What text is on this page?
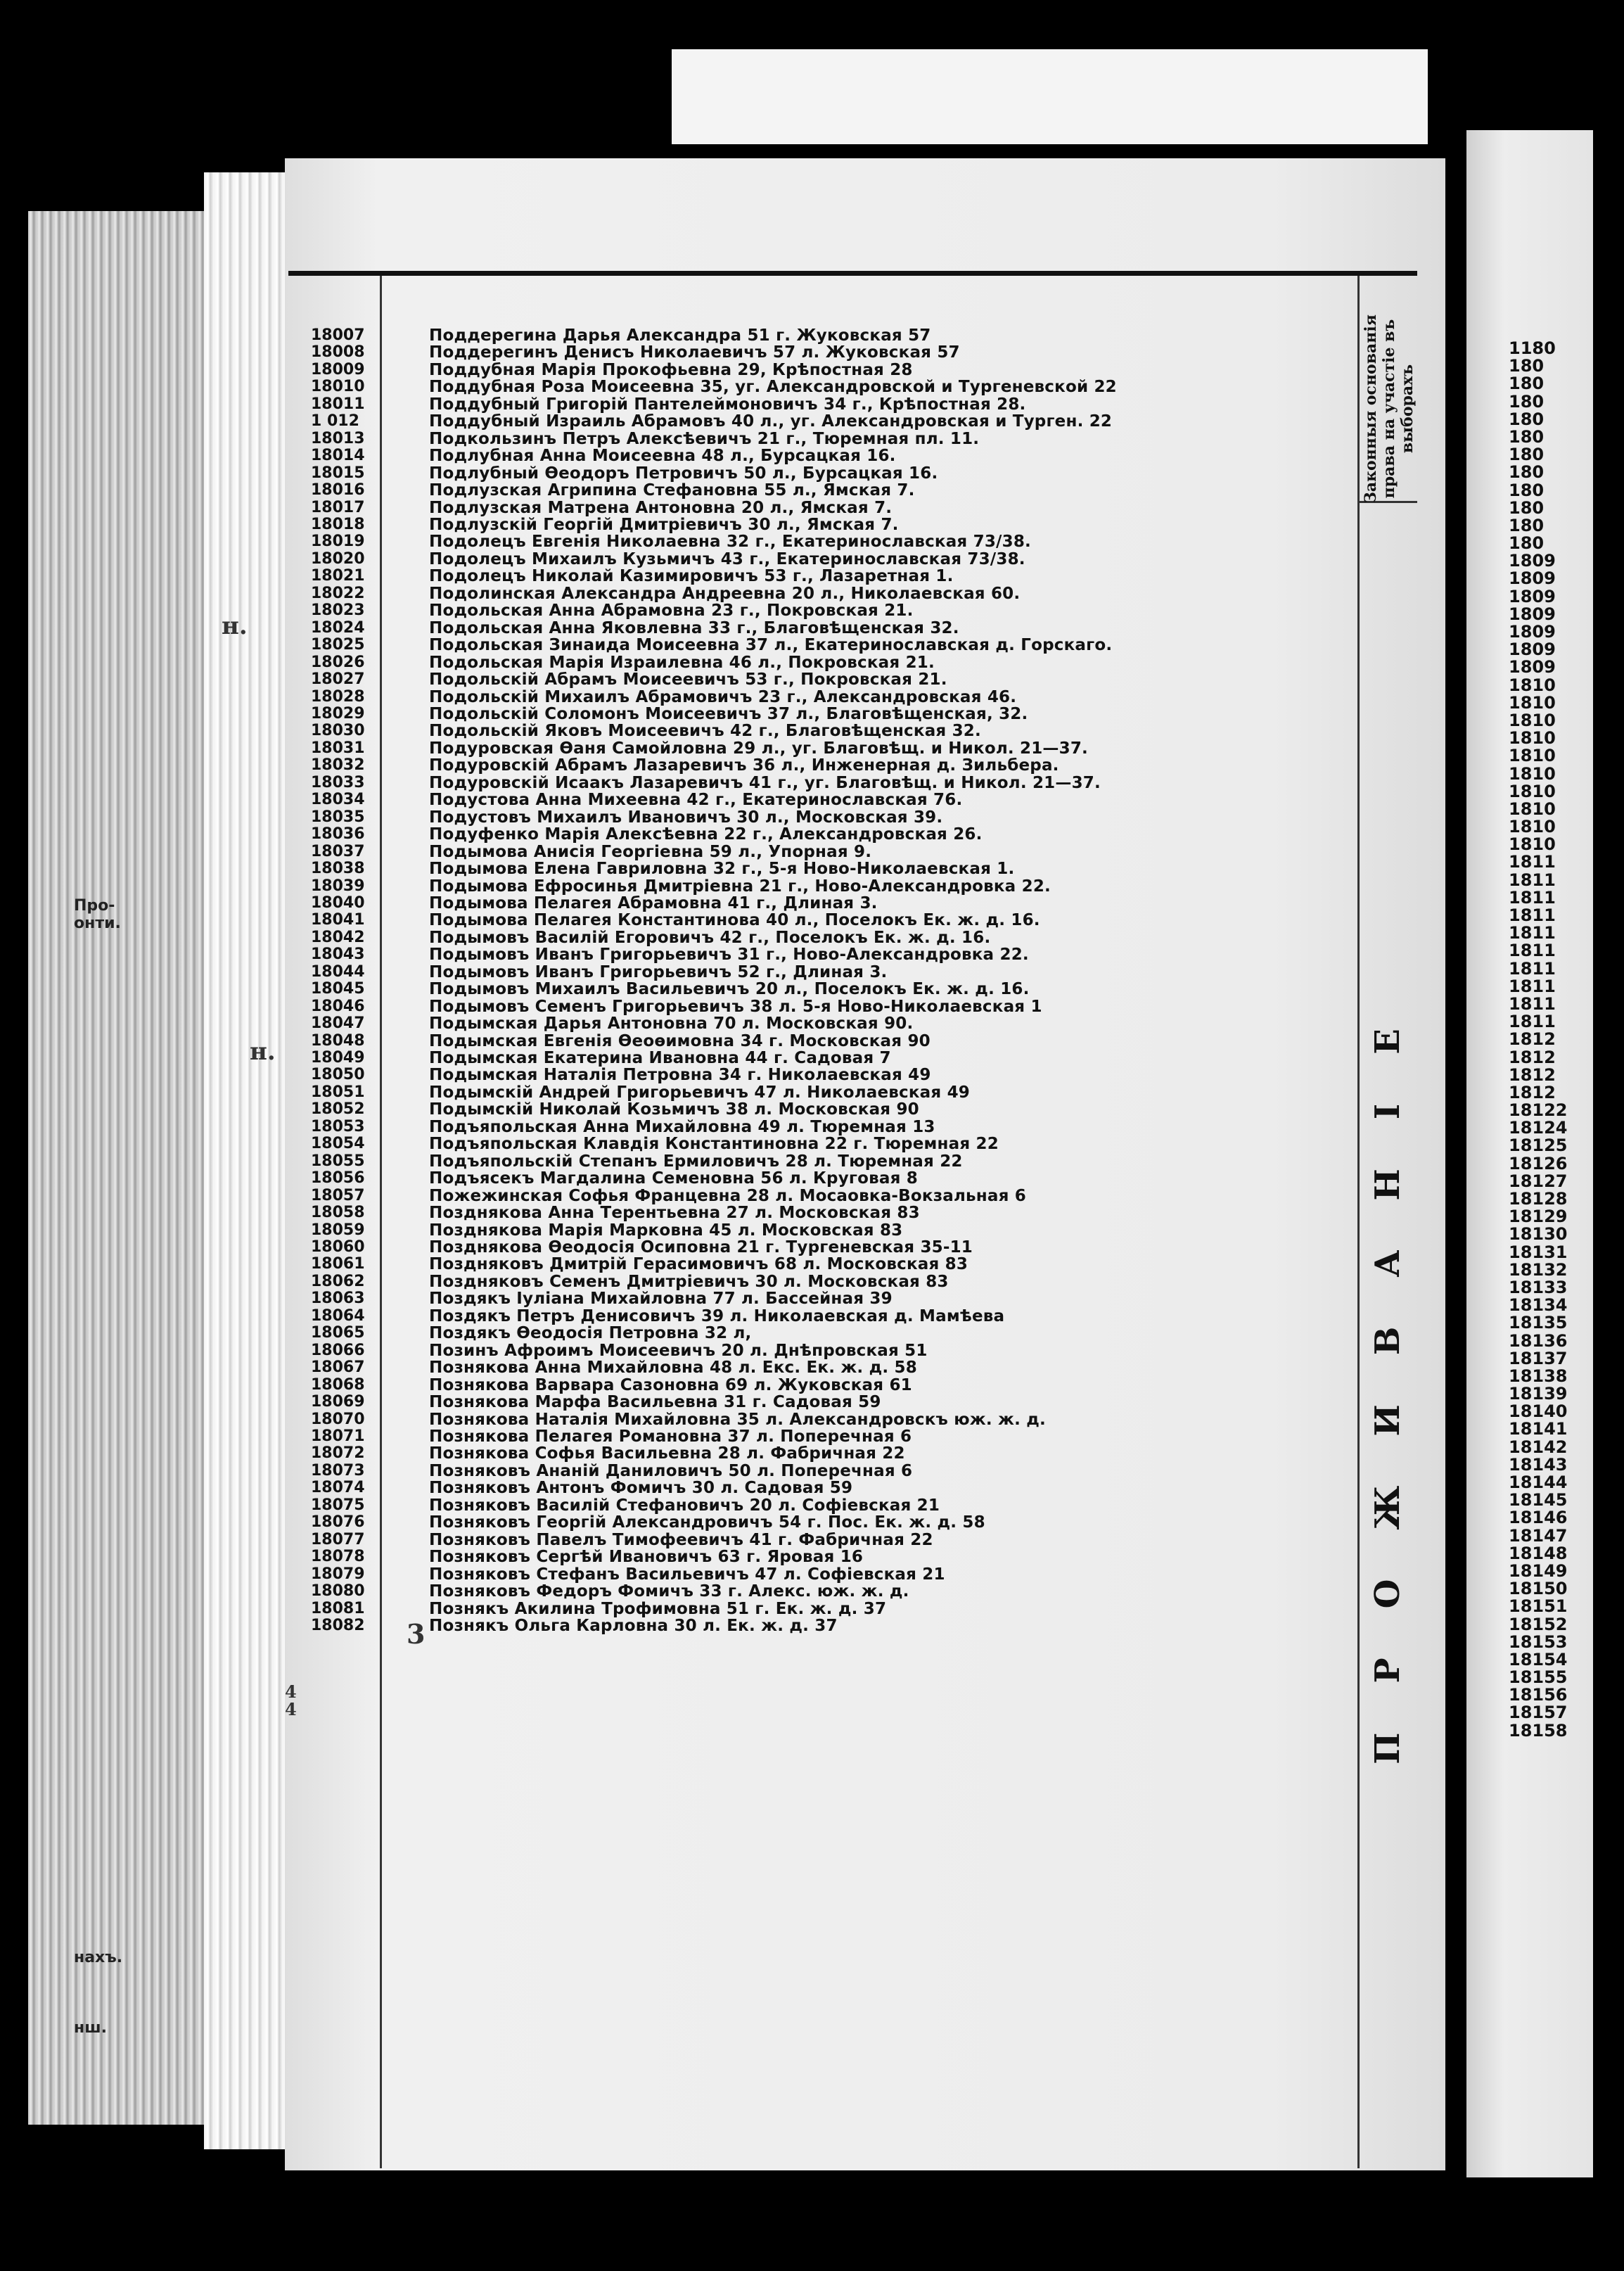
Про-
онти.
нахъ.
нш.
н.
н.
3
4
4
Законныя основанія права на участіе въ выборахъ
ПРОЖИВАНІЕ
18007	Поддерегина Дарья Александра 51 г. Жуковская 57
18008	Поддерегинъ Денисъ Николаевичъ 57 л. Жуковская 57
18009	Поддубная Марія Прокофьевна 29, Крѣпостная 28
18010	Поддубная Роза Моисеевна 35, уг. Александровской и Тургеневской 22
18011	Поддубный Григорій Пантелеймоновичъ 34 г., Крѣпостная 28.
1 012	Поддубный Израиль Абрамовъ 40 л., уг. Александровская и Турген. 22
18013	Подкользинъ Петръ Алексѣевичъ 21 г., Тюремная пл. 11.
18014	Подлубная Анна Моисеевна 48 л., Бурсацкая 16.
18015	Подлубный Ѳеодоръ Петровичъ 50 л., Бурсацкая 16.
18016	Подлузская Агрипина Стефановна 55 л., Ямская 7.
18017	Подлузская Матрена Антоновна 20 л., Ямская 7.
18018	Подлузскій Георгій Дмитріевичъ 30 л., Ямская 7.
18019	Подолецъ Евгенія Николаевна 32 г., Екатеринославская 73/38.
18020	Подолецъ Михаилъ Кузьмичъ 43 г., Екатеринославская 73/38.
18021	Подолецъ Николай Казимировичъ 53 г., Лазаретная 1.
18022	Подолинская Александра Андреевна 20 л., Николаевская 60.
18023	Подольская Анна Абрамовна 23 г., Покровская 21.
18024	Подольская Анна Яковлевна 33 г., Благовѣщенская 32.
18025	Подольская Зинаида Моисеевна 37 л., Екатеринославская д. Горскаго.
18026	Подольская Марія Израилевна 46 л., Покровская 21.
18027	Подольскій Абрамъ Моисеевичъ 53 г., Покровская 21.
18028	Подольскій Михаилъ Абрамовичъ 23 г., Александровская 46.
18029	Подольскій Соломонъ Моисеевичъ 37 л., Благовѣщенская, 32.
18030	Подольскій Яковъ Моисеевичъ 42 г., Благовѣщенская 32.
18031	Подуровская Ѳаня Самойловна 29 л., уг. Благовѣщ. и Никол. 21—37.
18032	Подуровскій Абрамъ Лазаревичъ 36 л., Инженерная д. Зильбера.
18033	Подуровскій Исаакъ Лазаревичъ 41 г., уг. Благовѣщ. и Никол. 21—37.
18034	Подустова Анна Михеевна 42 г., Екатеринославская 76.
18035	Подустовъ Михаилъ Ивановичъ 30 л., Московская 39.
18036	Подуфенко Марія Алексѣевна 22 г., Александровская 26.
18037	Подымова Анисія Георгіевна 59 л., Упорная 9.
18038	Подымова Елена Гавриловна 32 г., 5-я Ново-Николаевская 1.
18039	Подымова Ефросинья Дмитріевна 21 г., Ново-Александровка 22.
18040	Подымова Пелагея Абрамовна 41 г., Длиная 3.
18041	Подымова Пелагея Константинова 40 л., Поселокъ Ек. ж. д. 16.
18042	Подымовъ Василій Егоровичъ 42 г., Поселокъ Ек. ж. д. 16.
18043	Подымовъ Иванъ Григорьевичъ 31 г., Ново-Александровка 22.
18044	Подымовъ Иванъ Григорьевичъ 52 г., Длиная 3.
18045	Подымовъ Михаилъ Васильевичъ 20 л., Поселокъ Ек. ж. д. 16.
18046	Подымовъ Семенъ Григорьевичъ 38 л. 5-я Ново-Николаевская 1
18047	Подымская Дарья Антоновна 70 л. Московская 90.
18048	Подымская Евгенія Ѳеоѳимовна 34 г. Московская 90
18049	Подымская Екатерина Ивановна 44 г. Садовая 7
18050	Подымская Наталія Петровна 34 г. Николаевская 49
18051	Подымскій Андрей Григорьевичъ 47 л. Николаевская 49
18052	Подымскій Николай Козьмичъ 38 л. Московская 90
18053	Подъяпольская Анна Михайловна 49 л. Тюремная 13
18054	Подъяпольская Клавдія Константиновна 22 г. Тюремная 22
18055	Подъяпольскій Степанъ Ермиловичъ 28 л. Тюремная 22
18056	Подъясекъ Магдалина Семеновна 56 л. Круговая 8
18057	Пожежинская Софья Францевна 28 л. Мосаовка-Вокзальная 6
18058	Позднякова Анна Терентьевна 27 л. Московская 83
18059	Позднякова Марія Марковна 45 л. Московская 83
18060	Поздняковa Ѳеодосія Осиповна 21 г. Тургеневская 35-11
18061	Поздняковъ Дмитрій Герасимовичъ 68 л. Московская 83
18062	Поздняковъ Семенъ Дмитріевичъ 30 л. Московская 83
18063	Поздякъ Іуліана Михайловна 77 л. Бассейная 39
18064	Поздякъ Петръ Денисовичъ 39 л. Николаевская д. Мамѣева
18065	Поздякъ Ѳеодосія Петровна 32 л,
18066	Позинъ Афроимъ Моисеевичъ 20 л. Днѣпровская 51
18067	Познякова Анна Михайловна 48 л. Екс. Ек. ж. д. 58
18068	Познякова Варвара Сазоновна 69 л. Жуковская 61
18069	Познякова Марфа Васильевна 31 г. Садовая 59
18070	Познякова Наталія Михайловна 35 л. Александровскъ юж. ж. д.
18071	Познякова Пелагея Романовна 37 л. Поперечная 6
18072	Познякова Софья Васильевна 28 л. Фабричная 22
18073	Позняковъ Ананій Даниловичъ 50 л. Поперечная 6
18074	Позняковъ Антонъ Фомичъ 30 л. Садовая 59
18075	Позняковъ Василій Стефановичъ 20 л. Софіевская 21
18076	Позняковъ Георгій Александровичъ 54 г. Пос. Ек. ж. д. 58
18077	Позняковъ Павелъ Тимофеевичъ 41 г. Фабричная 22
18078	Позняковъ Сергѣй Ивановичъ 63 г. Яровая 16
18079	Позняковъ Стефанъ Васильевичъ 47 л. Софіевская 21
18080	Позняковъ Федоръ Фомичъ 33 г. Алекс. юж. ж. д.
18081	Познякъ Акилина Трофимовна 51 г. Ек. ж. д. 37
18082	Познякъ Ольга Карловна 30 л. Ек. ж. д. 37
1180
180
180
180
180
180
180
180
180
180
180
180
1809
1809
1809
1809
1809
1809
1809
1810
1810
1810
1810
1810
1810
1810
1810
1810
1810
1811
1811
1811
1811
1811
1811
1811
1811
1811
1811
1812
1812
1812
1812
18122
18124
18125
18126
18127
18128
18129
18130
18131
18132
18133
18134
18135
18136
18137
18138
18139
18140
18141
18142
18143
18144
18145
18146
18147
18148
18149
18150
18151
18152
18153
18154
18155
18156
18157
18158
